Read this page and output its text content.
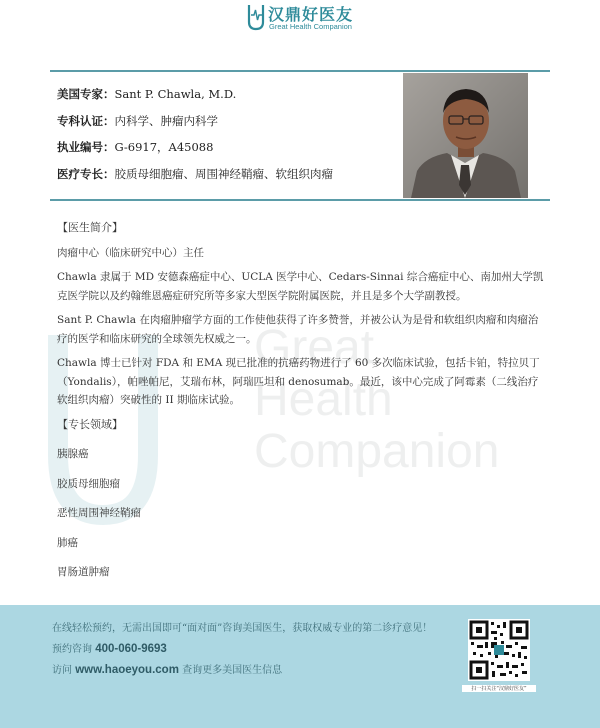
汉鼎好医友
Great Health Companion
美国专家：Sant P. Chawla, M.D.
专科认证：内科学、肿瘤内科学
执业编号：G-6917，A45088
医疗专长：胶质母细胞瘤、周围神经鞘瘤、软组织肉瘤
Great
Health
Companion

【医生简介】

肉瘤中心（临床研究中心）主任

Chawla 隶属于 MD 安德森癌症中心、UCLA 医学中心、Cedars-Sinnai 综合癌症中心、南加州大学凯克医学院以及约翰维恩癌症研究所等多家大型医学院附属医院，并且是多个大学副教授。

Sant P. Chawla 在肉瘤肿瘤学方面的工作使他获得了许多赞誉，并被公认为是骨和软组织肉瘤和肉瘤治疗的医学和临床研究的全球领先权威之一。

Chawla 博士已针对 FDA 和 EMA 现已批准的抗癌药物进行了 60 多次临床试验，包括卡铂，特拉贝丁（Yondalis），帕唑帕尼，艾瑞布林，阿瑞匹坦和 denosumab。最近，该中心完成了阿霉素（二线治疗软组织肉瘤）突破性的 II 期临床试验。

【专长领域】

胰腺癌

胶质母细胞瘤

恶性周围神经鞘瘤

肺癌

胃肠道肿瘤

在线轻松预约，无需出国即可“面对面”咨询美国医生，获取权威专业的第二诊疗意见！
预约咨询 400-060-9693
访问 www.haoeyou.com 查询更多美国医生信息
扫一扫关注“汉鼎好医友”
